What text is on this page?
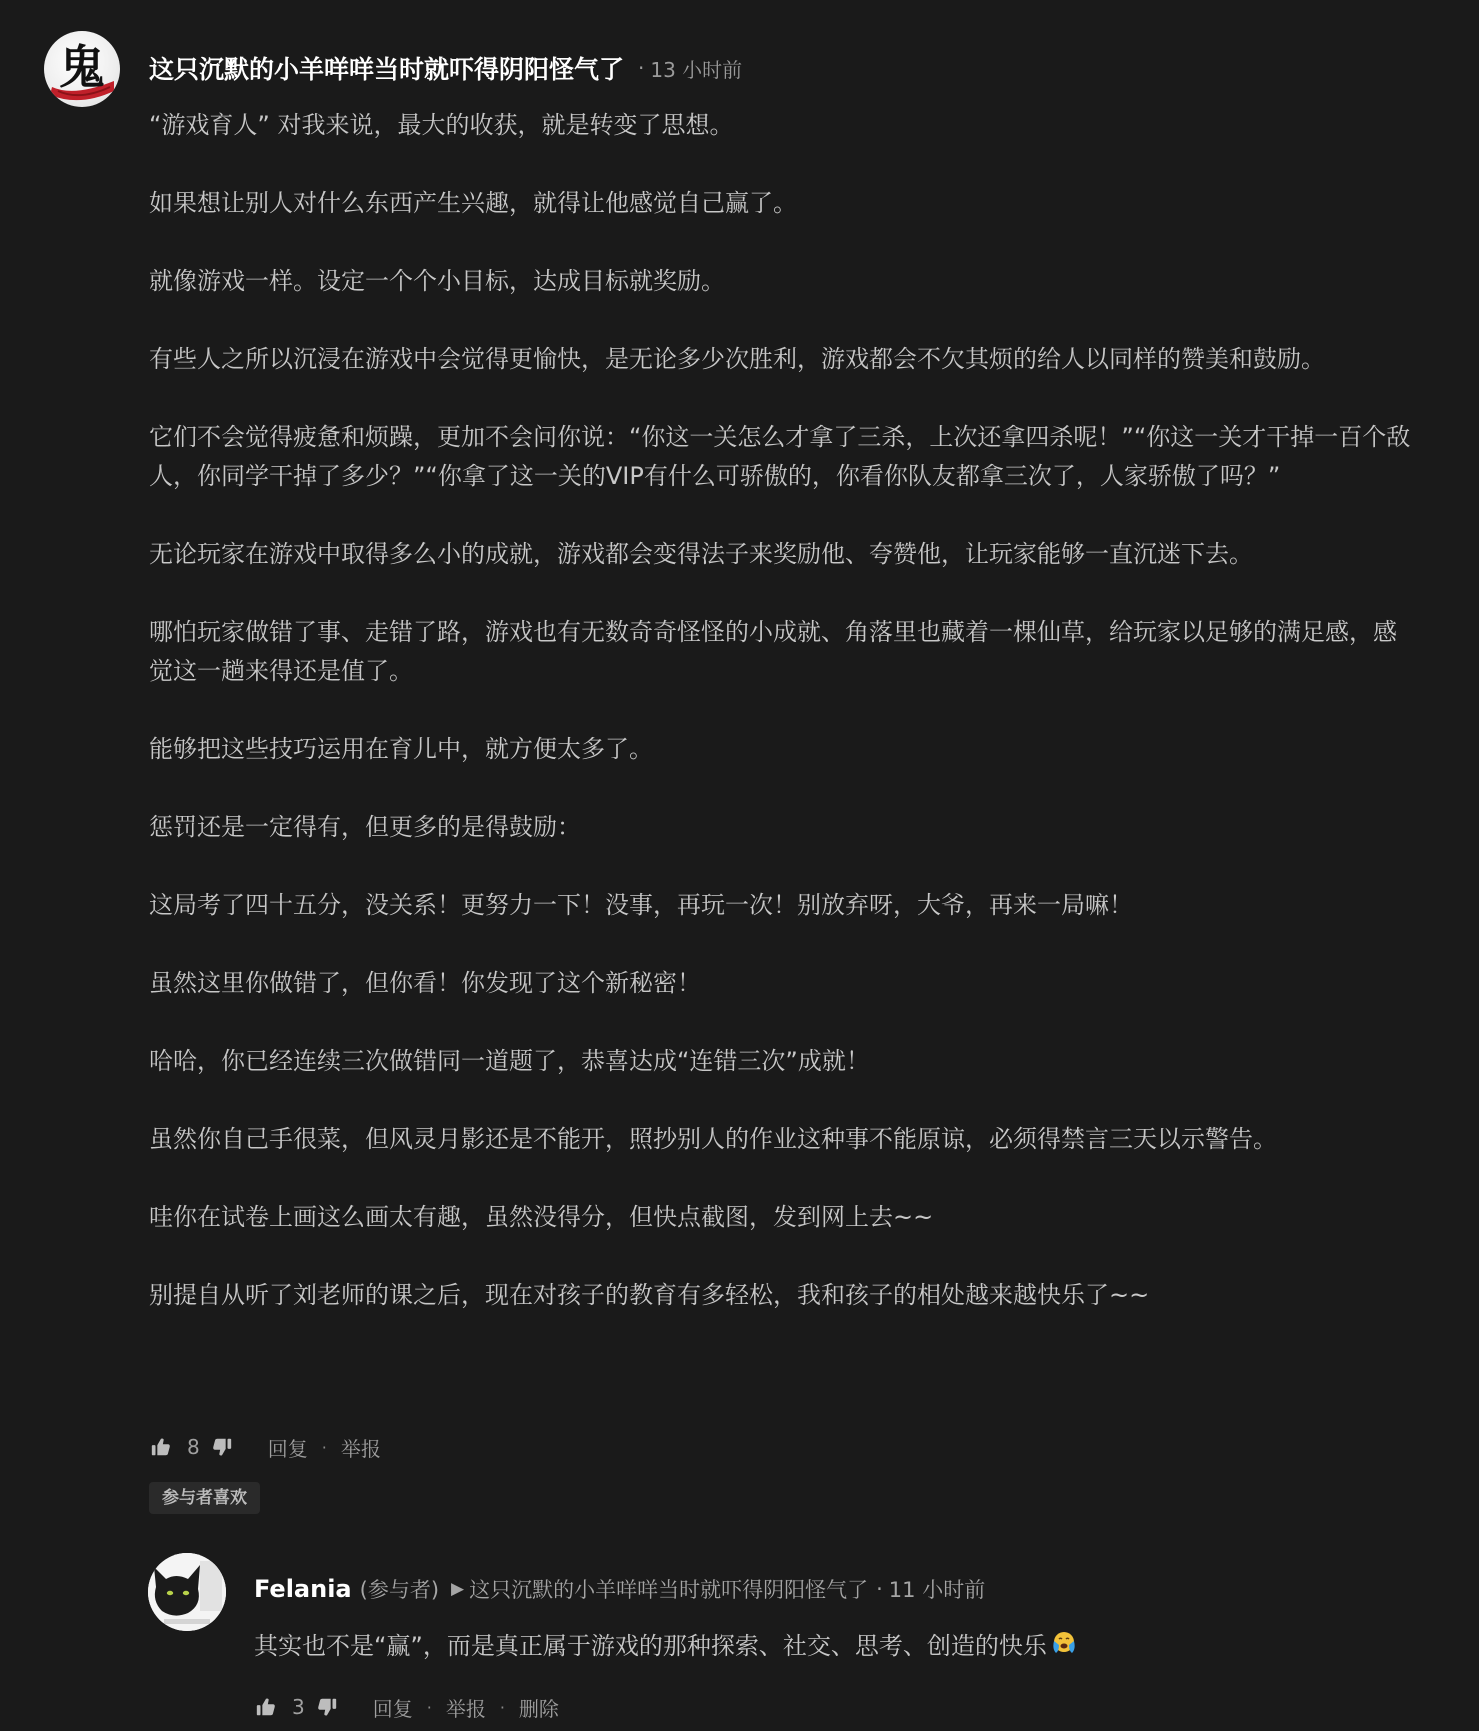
鬼 这只沉默的小羊咩咩当时就吓得阴阳怪气了 · 13 小时前

“游戏育人” 对我来说，最大的收获，就是转变了思想。

如果想让别人对什么东西产生兴趣，就得让他感觉自己赢了。

就像游戏一样。设定一个个小目标，达成目标就奖励。

有些人之所以沉浸在游戏中会觉得更愉快，是无论多少次胜利，游戏都会不欠其烦的给人以同样的赞美和鼓励。

它们不会觉得疲惫和烦躁，更加不会问你说：“你这一关怎么才拿了三杀，上次还拿四杀呢！”“你这一关才干掉一百个敌人，你同学干掉了多少？”“你拿了这一关的VIP有什么可骄傲的，你看你队友都拿三次了，人家骄傲了吗？”

无论玩家在游戏中取得多么小的成就，游戏都会变得法子来奖励他、夸赞他，让玩家能够一直沉迷下去。

哪怕玩家做错了事、走错了路，游戏也有无数奇奇怪怪的小成就、角落里也藏着一棵仙草，给玩家以足够的满足感，感觉这一趟来得还是值了。

能够把这些技巧运用在育儿中，就方便太多了。

惩罚还是一定得有，但更多的是得鼓励：

这局考了四十五分，没关系！更努力一下！没事，再玩一次！别放弃呀，大爷，再来一局嘛！

虽然这里你做错了，但你看！你发现了这个新秘密！

哈哈，你已经连续三次做错同一道题了，恭喜达成“连错三次”成就！

虽然你自己手很菜，但风灵月影还是不能开，照抄别人的作业这种事不能原谅，必须得禁言三天以示警告。

哇你在试卷上画这么画太有趣，虽然没得分，但快点截图，发到网上去~~

别提自从听了刘老师的课之后，现在对孩子的教育有多轻松，我和孩子的相处越来越快乐了~~

8	回复 · 举报
参与者喜欢
Felania (参与者) ▶ 这只沉默的小羊咩咩当时就吓得阴阳怪气了 · 11 小时前
其实也不是“赢”，而是真正属于游戏的那种探索、社交、思考、创造的快乐
3	回复 · 举报 · 删除
